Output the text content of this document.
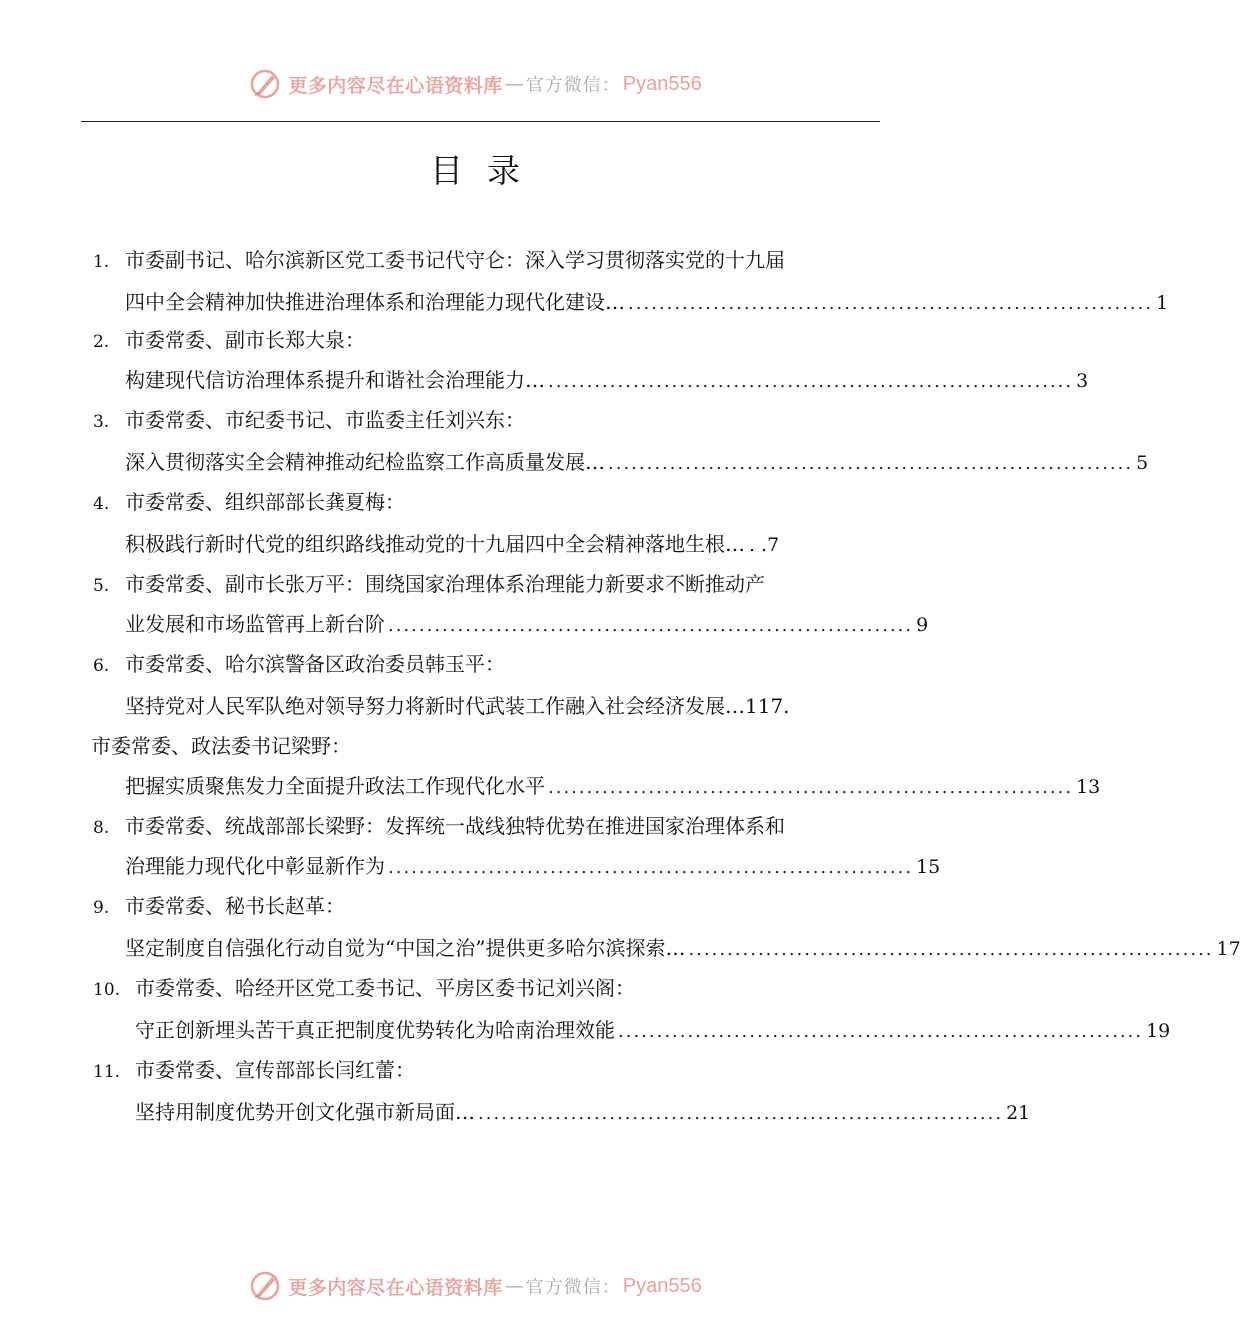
更多内容尽在心语资料库 — 官方微信： Pyan556
目录
1. 市委副书记、哈尔滨新区党工委书记代守仑：深入学习贯彻落实党的十九届
四中全会精神加快推进治理体系和治理能力现代化建设… .................................................................... 1
2. 市委常委、副市长郑大泉：
构建现代信访治理体系提升和谐社会治理能力… .................................................................... 3
3. 市委常委、市纪委书记、市监委主任刘兴东：
深入贯彻落实全会精神推动纪检监察工作高质量发展… .................................................................... 5
4. 市委常委、组织部部长龚夏梅：
积极践行新时代党的组织路线推动党的十九届四中全会精神落地生根… . .7
5. 市委常委、副市长张万平：围绕国家治理体系治理能力新要求不断推动产
业发展和市场监管再上新台阶 .................................................................... 9
6. 市委常委、哈尔滨警备区政治委员韩玉平：
坚持党对人民军队绝对领导努力将新时代武装工作融入社会经济发展…117.
市委常委、政法委书记梁野：
把握实质聚焦发力全面提升政法工作现代化水平 .................................................................... 13
8. 市委常委、统战部部长梁野：发挥统一战线独特优势在推进国家治理体系和
治理能力现代化中彰显新作为 .................................................................... 15
9. 市委常委、秘书长赵革：
坚定制度自信强化行动自觉为“中国之治”提供更多哈尔滨探索… .................................................................... 17
10. 市委常委、哈经开区党工委书记、平房区委书记刘兴阁：
守正创新埋头苦干真正把制度优势转化为哈南治理效能 .................................................................... 19
11. 市委常委、宣传部部长闫红蕾：
坚持用制度优势开创文化强市新局面… .................................................................... 21
更多内容尽在心语资料库 — 官方微信： Pyan556
